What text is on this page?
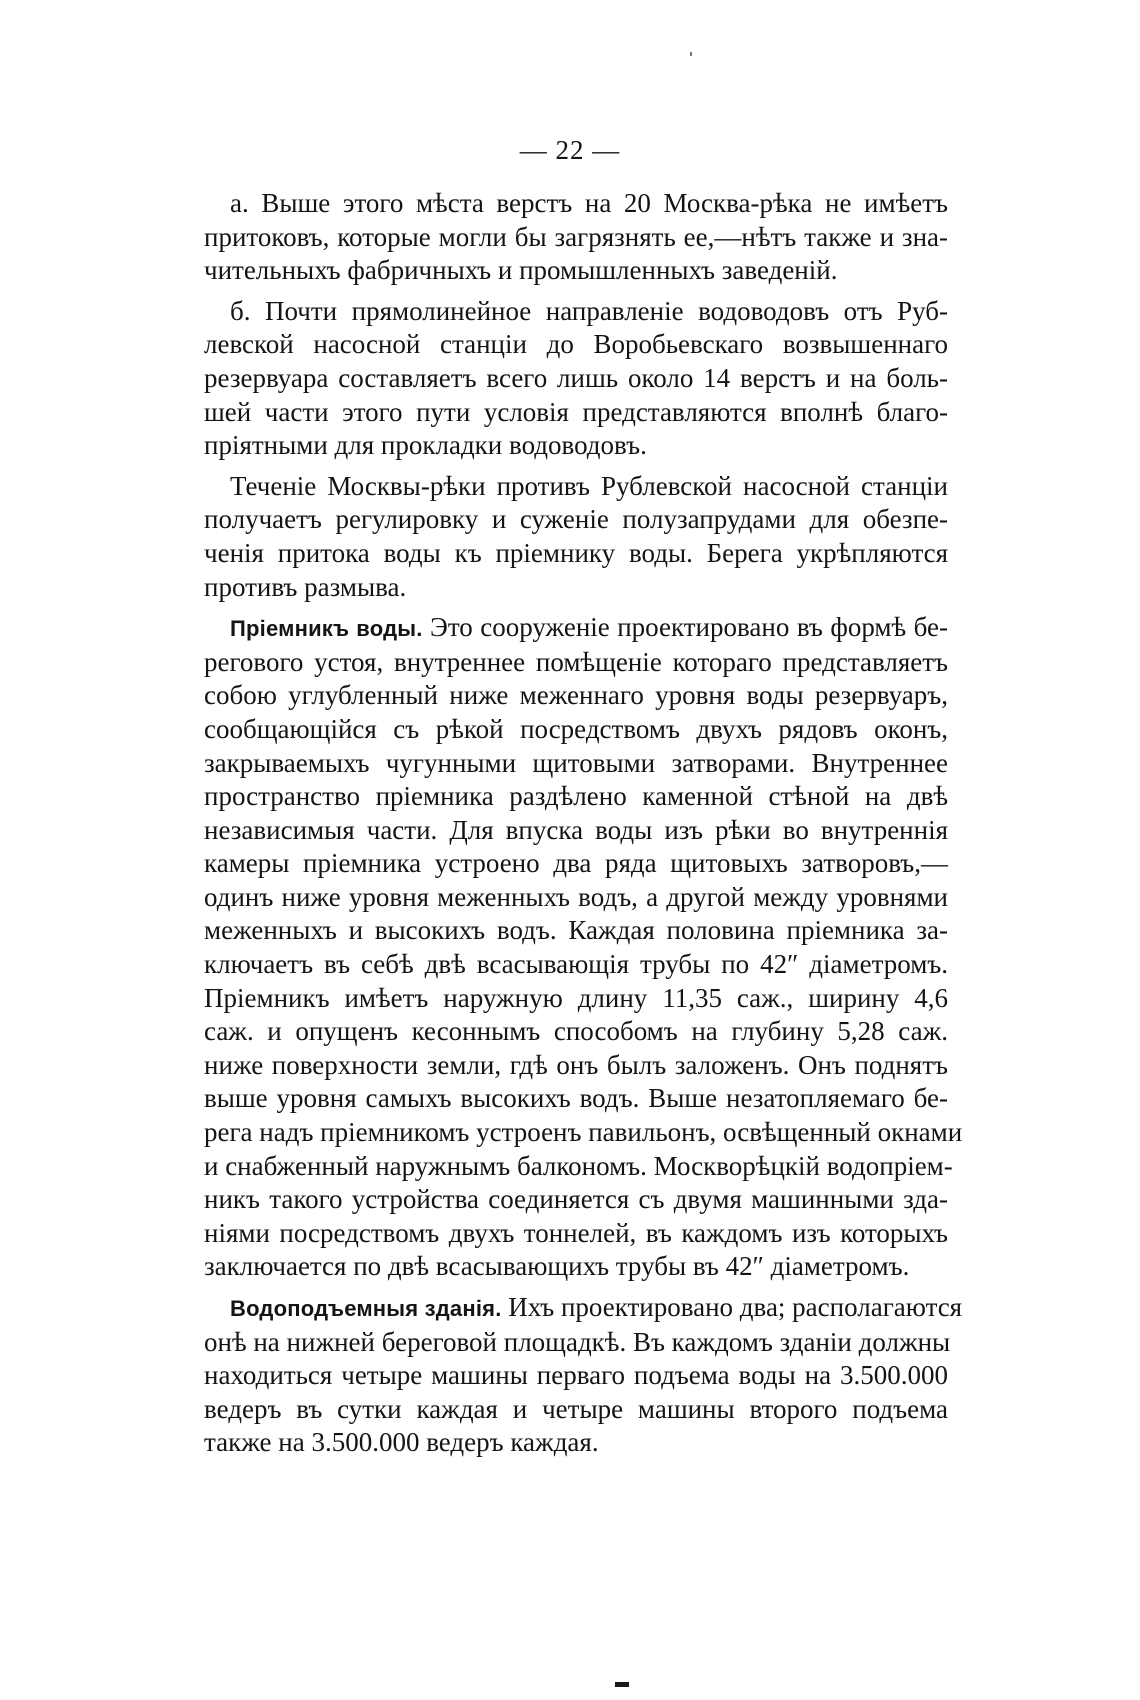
— 22 —

а. Выше этого мѣста верстъ на 20 Москва-рѣка не имѣетъ
притоковъ, которые могли бы загрязнять ее,—нѣтъ также и зна-
чительныхъ фабричныхъ и промышленныхъ заведеній.

б. Почти прямолинейное направленіе водоводовъ отъ Руб-
левской насосной станціи до Воробьевскаго возвышеннаго
резервуара составляетъ всего лишь около 14 верстъ и на боль-
шей части этого пути условія представляются вполнѣ благо-
пріятными для прокладки водоводовъ.

Теченіе Москвы-рѣки противъ Рублевской насосной станціи
получаетъ регулировку и суженіе полузапрудами для обезпе-
ченія притока воды къ пріемнику воды. Берега укрѣпляются
противъ размыва.

Пріемникъ воды. Это сооруженіе проектировано въ формѣ бе-
регового устоя, внутреннее помѣщеніе котораго представляетъ
собою углубленный ниже меженнаго уровня воды резервуаръ,
сообщающійся съ рѣкой посредствомъ двухъ рядовъ оконъ,
закрываемыхъ чугунными щитовыми затворами. Внутреннее
пространство пріемника раздѣлено каменной стѣной на двѣ
независимыя части. Для впуска воды изъ рѣки во внутреннія
камеры пріемника устроено два ряда щитовыхъ затворовъ,—
одинъ ниже уровня меженныхъ водъ, а другой между уровнями
меженныхъ и высокихъ водъ. Каждая половина пріемника за-
ключаетъ въ себѣ двѣ всасывающія трубы по 42″ діаметромъ.
Пріемникъ имѣетъ наружную длину 11,35 саж., ширину 4,6
саж. и опущенъ кесоннымъ способомъ на глубину 5,28 саж.
ниже поверхности земли, гдѣ онъ былъ заложенъ. Онъ поднятъ
выше уровня самыхъ высокихъ водъ. Выше незатопляемаго бе-
рега надъ пріемникомъ устроенъ павильонъ, освѣщенный окнами
и снабженный наружнымъ балкономъ. Москворѣцкій водопріем-
никъ такого устройства соединяется съ двумя машинными зда-
ніями посредствомъ двухъ тоннелей, въ каждомъ изъ которыхъ
заключается по двѣ всасывающихъ трубы въ 42″ діаметромъ.

Водоподъемныя зданія. Ихъ проектировано два; располагаются
онѣ на нижней береговой площадкѣ. Въ каждомъ зданіи должны
находиться четыре машины перваго подъема воды на 3.500.000
ведеръ въ сутки каждая и четыре машины второго подъема
также на 3.500.000 ведеръ каждая.
